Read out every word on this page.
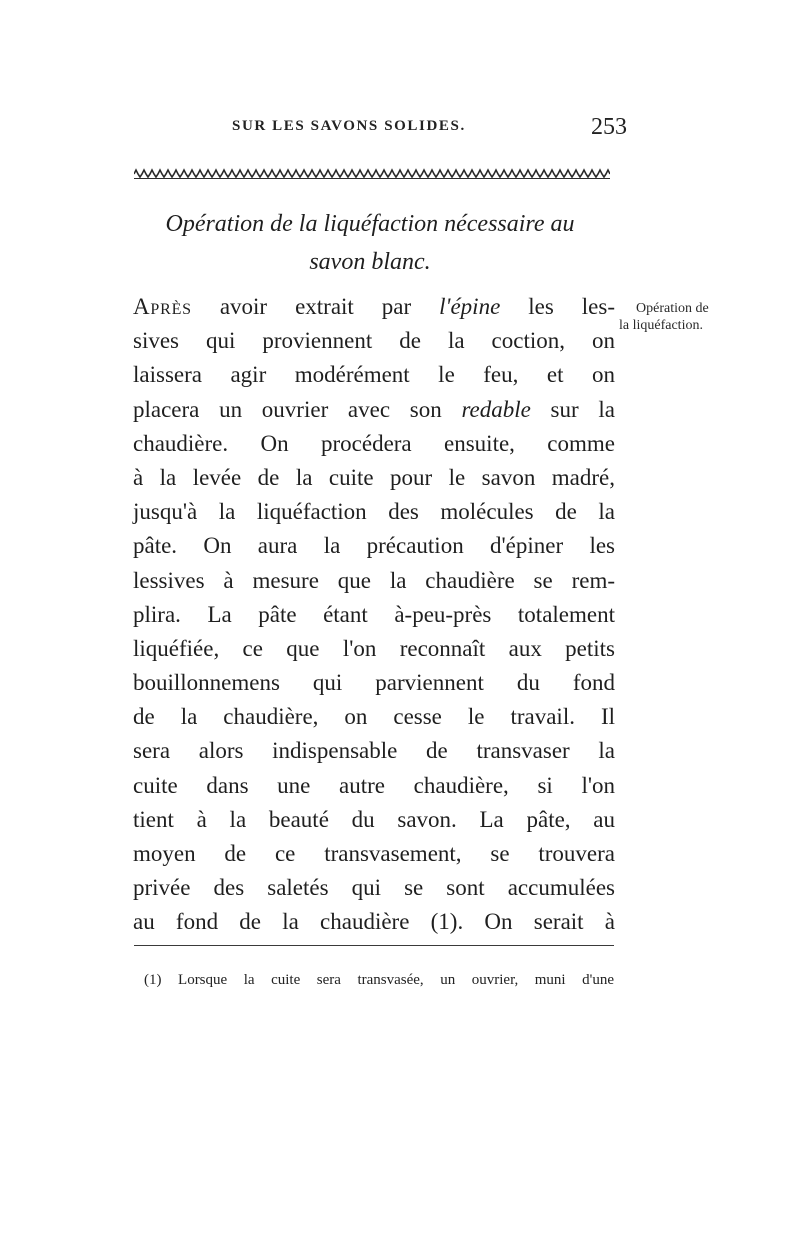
SUR LES SAVONS SOLIDES.	253
Opération de la liquéfaction nécessaire au
savon blanc.
Opération de
la liquéfaction.
Après avoir extrait par l'épine les les-
sives qui proviennent de la coction, on
laissera agir modérément le feu, et on
placera un ouvrier avec son redable sur la
chaudière. On procédera ensuite, comme
à la levée de la cuite pour le savon madré,
jusqu'à la liquéfaction des molécules de la
pâte. On aura la précaution d'épiner les
lessives à mesure que la chaudière se rem-
plira. La pâte étant à-peu-près totalement
liquéfiée, ce que l'on reconnaît aux petits
bouillonnemens qui parviennent du fond
de la chaudière, on cesse le travail. Il
sera alors indispensable de transvaser la
cuite dans une autre chaudière, si l'on
tient à la beauté du savon. La pâte, au
moyen de ce transvasement, se trouvera
privée des saletés qui se sont accumulées
au fond de la chaudière (1). On serait à
(1) Lorsque la cuite sera transvasée, un ouvrier, muni d'une
